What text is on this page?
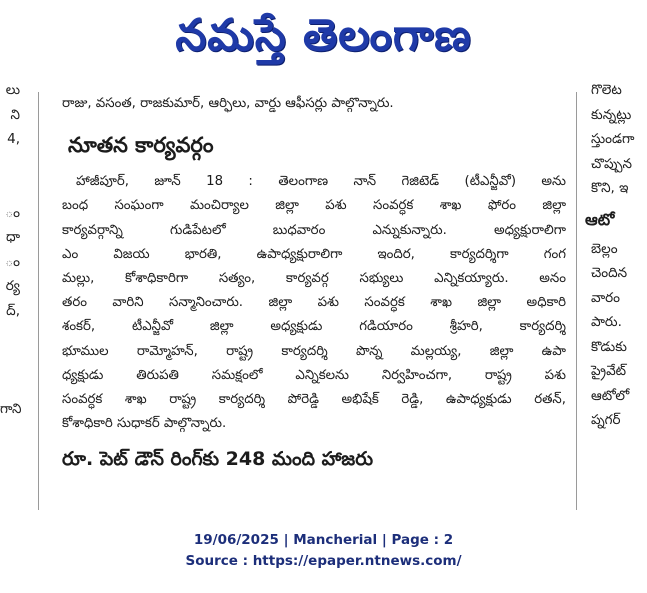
నమస్తే తెలంగాణ
లు
ని
4,

ం
ధా
ం
ర్య
ద్,

గాని
రాజు, వసంత, రాజకుమార్, ఆర్ఫిలు, వార్డు ఆఫీసర్లు పాల్గొన్నారు.
నూతన కార్యవర్గం

హాజీపూర్, జూన్ 18 : తెలంగాణ నాన్ గెజిటెడ్ (టీఎన్జీవో) అను

బంధ సంఘంగా మంచిర్యాల జిల్లా పశు సంవర్ధక శాఖ ఫోరం జిల్లా

కార్యవర్గాన్ని గుడిపేటలో బుధవారం ఎన్నుకున్నారు. అధ్యక్షురాలిగా

ఎం విజయ భారతి, ఉపాధ్యక్షురాలిగా ఇందిర, కార్యదర్శిగా గంగ

మల్లు, కోశాధికారిగా సత్యం, కార్యవర్గ సభ్యులు ఎన్నికయ్యారు. అనం

తరం వారిని సన్మానించారు. జిల్లా పశు సంవర్ధక శాఖ జిల్లా అధికారి

శంకర్, టీఎన్జీవో జిల్లా అధ్యక్షుడు గడియారం శ్రీహరి, కార్యదర్శి

భూముల రామ్మోహన్, రాష్ట్ర కార్యదర్శి పొన్న మల్లయ్య, జిల్లా ఉపా

ధ్యక్షుడు తిరుపతి సమక్షంలో ఎన్నికలను నిర్వహించగా, రాష్ట్ర పశు

సంవర్ధక శాఖ రాష్ట్ర కార్యదర్శి పోరెడ్డి అభిషేక్ రెడ్డి, ఉపాధ్యక్షుడు రతన్,

కోశాధికారి సుధాకర్ పాల్గొన్నారు.

రూ. పెట్ డౌన్ రింగ్‌కు 248 మంది హాజరు
గొలెట
కున్నట్లు
స్తుండగా
చొప్పున
కొని, ఇ
ఆటో
బెల్లం
చెందిన
వారం
పారు.
కొడుకు
ప్రైవేట్
ఆటోలో
ప్నగర్
19/06/2025 | Mancherial | Page : 2
Source : https://epaper.ntnews.com/
